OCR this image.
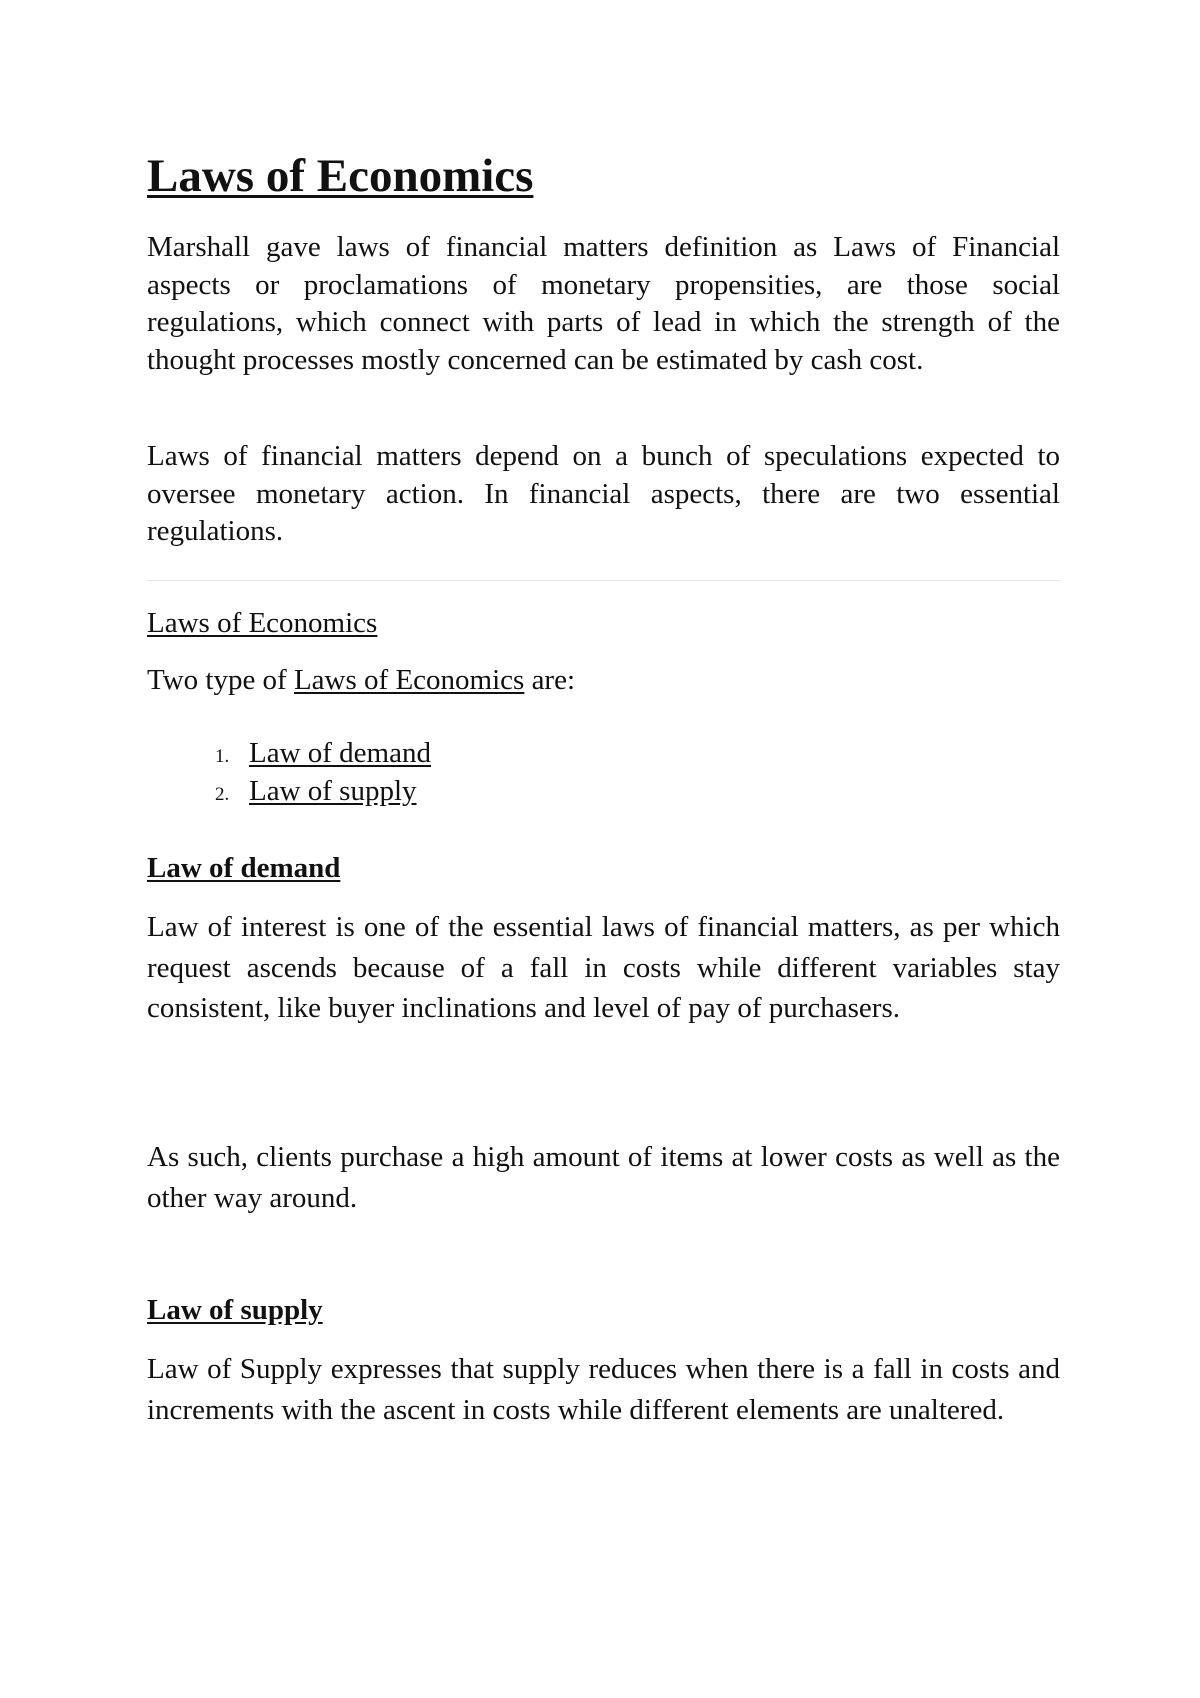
Laws of Economics

Marshall gave laws of financial matters definition as Laws of Financial aspects or proclamations of monetary propensities, are those social regulations, which connect with parts of lead in which the strength of the thought processes mostly concerned can be estimated by cash cost.

Laws of financial matters depend on a bunch of speculations expected to oversee monetary action. In financial aspects, there are two essential regulations.

Laws of Economics

Two type of Laws of Economics are:

1. Law of demand
2. Law of supply
Law of demand

Law of interest is one of the essential laws of financial matters, as per which request ascends because of a fall in costs while different variables stay consistent, like buyer inclinations and level of pay of purchasers.

As such, clients purchase a high amount of items at lower costs as well as the other way around.

Law of supply

Law of Supply expresses that supply reduces when there is a fall in costs and increments with the ascent in costs while different elements are unaltered.
